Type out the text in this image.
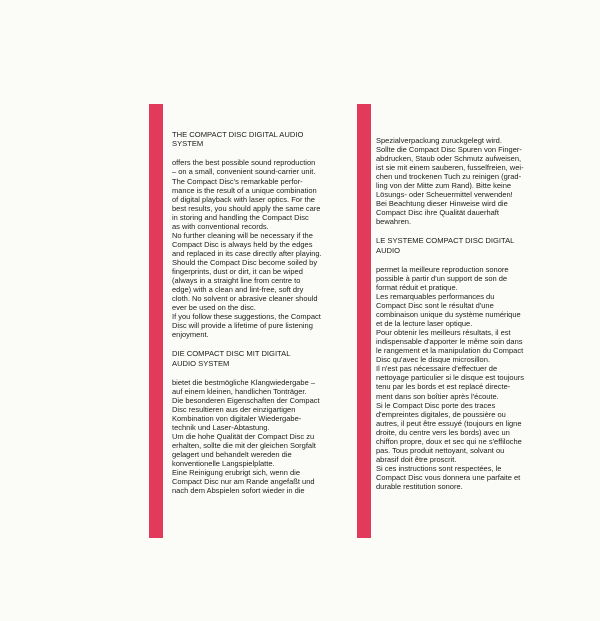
THE COMPACT DISC DIGITAL AUDIO
SYSTEM
offers the best possible sound reproduction
– on a small, convenient sound-carrier unit.
The Compact Disc's remarkable perfor-
mance is the result of a unique combination
of digital playback with laser optics. For the
best results, you should apply the same care
in storing and handling the Compact Disc
as with conventional records.
No further cleaning will be necessary if the
Compact Disc is always held by the edges
and replaced in its case directly after playing.
Should the Compact Disc become soiled by
fingerprints, dust or dirt, it can be wiped
(always in a straight line from centre to
edge) with a clean and lint-free, soft dry
cloth. No solvent or abrasive cleaner should
ever be used on the disc.
If you follow these suggestions, the Compact
Disc will provide a lifetime of pure listening
enjoyment.
DIE COMPACT DISC MIT DIGITAL
AUDIO SYSTEM
bietet die bestmögliche Klangwiedergabe –
auf einem kleinen, handlichen Tonträger.
Die besonderen Eigenschaften der Compact
Disc resultieren aus der einzigartigen
Kombination von digitaler Wiedergabe-
technik und Laser-Abtastung.
Um die hohe Qualität der Compact Disc zu
erhalten, sollte die mit der gleichen Sorgfalt
gelagert und behandelt wereden die
konventionelle Langspielplatte.
Eine Reinigung erubrigt sich, wenn die
Compact Disc nur am Rande angefaßt und
nach dem Abspielen sofort wieder in die
Spezialverpackung zuruckgelegt wird.
Sollte die Compact Disc Spuren von Finger-
abdrucken, Staub oder Schmutz aufweisen,
ist sie mit einem sauberen, fusselfreien, wei-
chen und trockenen Tuch zu reinigen (grad-
ling von der Mitte zum Rand). Bitte keine
Lösungs- oder Scheuermittel verwenden!
Bei Beachtung dieser Hinweise wird die
Compact Disc ihre Qualität dauerhaft
bewahren.
LE SYSTEME COMPACT DISC DIGITAL
AUDIO
permet la meilleure reproduction sonore
possible à partir d'un support de son de
format réduit et pratique.
Les remarquables performances du
Compact Disc sont le résultat d'une
combinaison unique du système numérique
et de la lecture laser optique.
Pour obtenir les meilleurs résultats, il est
indispensable d'apporter le même soin dans
le rangement et la manipulation du Compact
Disc qu'avec le disque microsillon.
Il n'est pas nécessaire d'effectuer de
nettoyage particulier si le disque est toujours
tenu par les bords et est replacé directe-
ment dans son boîtier après l'écoute.
Si le Compact Disc porte des traces
d'empreintes digitales, de poussière ou
autres, il peut être essuyé (toujours en ligne
droite, du centre vers les bords) avec un
chiffon propre, doux et sec qui ne s'effiloche
pas. Tous produit nettoyant, solvant ou
abrasif doit être proscrit.
Si ces instructions sont respectées, le
Compact Disc vous donnera une parfaite et
durable restitution sonore.
